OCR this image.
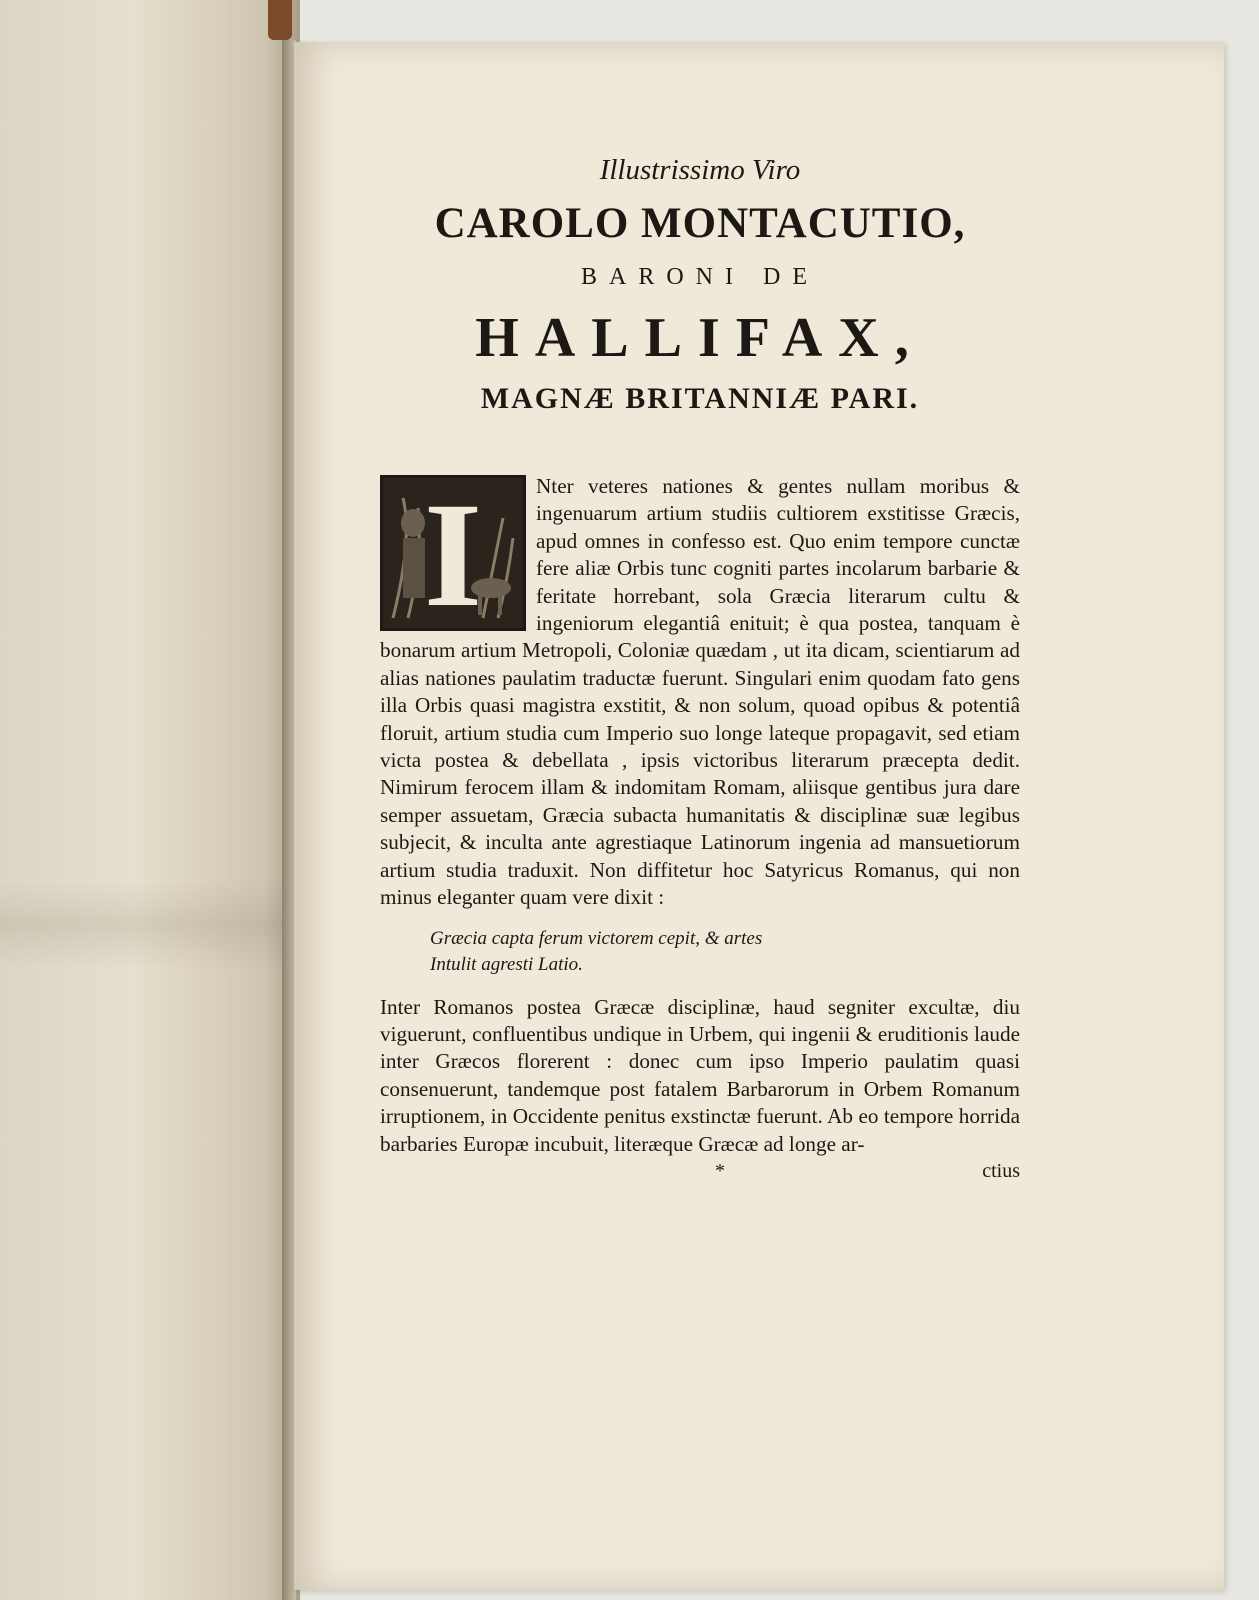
Illustrissimo Viro

CAROLO MONTACUTIO,

BARONI DE

HALLIFAX,

MAGNÆ BRITANNIÆ PARI.

I	Nter veteres nationes & gentes nullam moribus & ingenuarum artium studiis cultiorem exstitisse Græcis, apud omnes in confesso est. Quo enim tempore cunctæ fere aliæ Orbis tunc cogniti partes incolarum barbarie & feritate horrebant, sola Græcia literarum cultu & ingeniorum elegantiâ enituit; è qua postea, tanquam è bonarum artium Metropoli, Coloniæ quædam , ut ita dicam, scientiarum ad alias nationes paulatim traductæ fuerunt. Singulari enim quodam fato gens illa Orbis quasi magistra exstitit, & non solum, quoad opibus & potentiâ floruit, artium studia cum Imperio suo longe lateque propagavit, sed etiam victa postea & debellata , ipsis victoribus literarum præcepta dedit. Nimirum ferocem illam & indomitam Romam, aliisque gentibus jura dare semper assuetam, Græcia subacta humanitatis & disciplinæ suæ legibus subjecit, & inculta ante agrestiaque Latinorum ingenia ad mansuetiorum artium studia traduxit. Non diffitetur hoc Satyricus Romanus, qui non minus eleganter quam vere dixit :
Græcia capta ferum victorem cepit, & artes
Intulit agresti Latio.
Inter Romanos postea Græcæ disciplinæ, haud segniter excultæ, diu viguerunt, confluentibus undique in Urbem, qui ingenii & eruditionis laude inter Græcos florerent : donec cum ipso Imperio paulatim quasi consenuerunt, tandemque post fatalem Barbarorum in Orbem Romanum irruptionem, in Occidente penitus exstinctæ fuerunt. Ab eo tempore horrida barbaries Europæ incubuit, literæque Græcæ ad longe ar-
*	ctius
